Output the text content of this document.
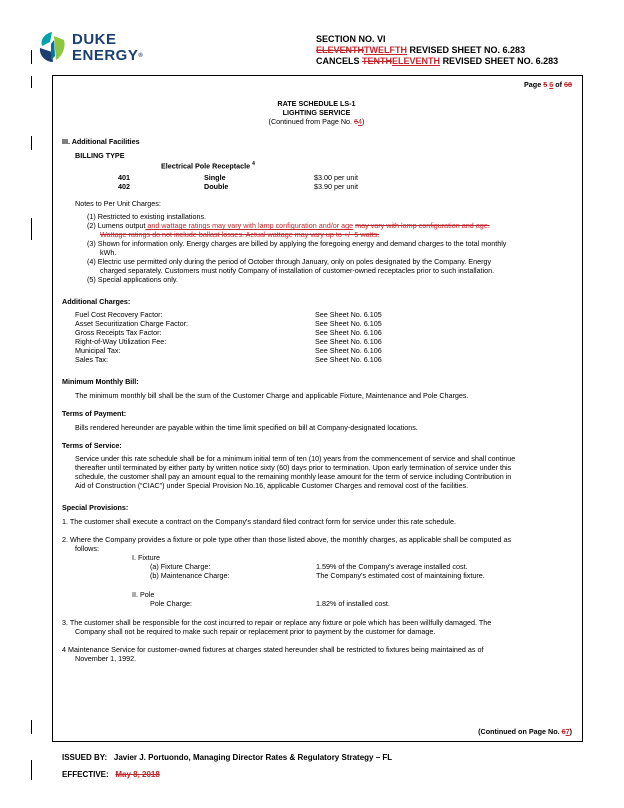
DUKE
ENERGY®
SECTION NO. VI
ELEVENTHTWELFTH REVISED SHEET NO. 6.283
CANCELS TENTHELEVENTH REVISED SHEET NO. 6.283
Page 5 6 of 68
RATE SCHEDULE LS-1
LIGHTING SERVICE
(Continued from Page No. 64)
III. Additional Facilities
BILLING TYPE
Electrical Pole Receptacle $^4$
401	Single	$3.00 per unit
402	Double	$3.90 per unit

Notes to Per Unit Charges:

(1) Restricted to existing installations.

(2) Lumens output and wattage ratings may vary with lamp configuration and/or age may vary with lamp configuration and age.

Wattage ratings do not include ballast losses. Actual wattage may vary up to +/- 5 watts.

(3) Shown for information only. Energy charges are billed by applying the foregoing energy and demand charges to the total monthly

kWh.

(4) Electric use permitted only during the period of October through January, only on poles designated by the Company. Energy

charged separately. Customers must notify Company of installation of customer-owned receptacles prior to such installation.

(5) Special applications only.

Additional Charges:
Fuel Cost Recovery Factor:	See Sheet No. 6.105
Asset Securitization Charge Factor:	See Sheet No. 6.105
Gross Receipts Tax Factor:	See Sheet No. 6.106
Right-of-Way Utilization Fee:	See Sheet No. 6.106
Municipal Tax:	See Sheet No. 6.106
Sales Tax:	See Sheet No. 6.106
Minimum Monthly Bill:
The minimum monthly bill shall be the sum of the Customer Charge and applicable Fixture, Maintenance and Pole Charges.
Terms of Payment:
Bills rendered hereunder are payable within the time limit specified on bill at Company-designated locations.
Terms of Service:

Service under this rate schedule shall be for a minimum initial term of ten (10) years from the commencement of service and shall continue

thereafter until terminated by either party by written notice sixty (60) days prior to termination. Upon early termination of service under this

schedule, the customer shall pay an amount equal to the remaining monthly lease amount for the term of service including Contribution in

Aid of Construction (“CIAC”) under Special Provision No.16, applicable Customer Charges and removal cost of the facilities.

Special Provisions:
1. The customer shall execute a contract on the Company's standard filed contract form for service under this rate schedule.

2. Where the Company provides a fixture or pole type other than those listed above, the monthly charges, as applicable shall be computed as

follows:

I. Fixture
(a) Fixture Charge:	1.59% of the Company's average installed cost.
(b) Maintenance Charge:	The Company's estimated cost of maintaining fixture.
II. Pole
Pole Charge:	1.82% of installed cost.

3. The customer shall be responsible for the cost incurred to repair or replace any fixture or pole which has been willfully damaged. The

Company shall not be required to make such repair or replacement prior to payment by the customer for damage.

4 Maintenance Service for customer-owned fixtures at charges stated hereunder shall be restricted to fixtures being maintained as of

November 1, 1992.

(Continued on Page No. 67)
ISSUED BY: Javier J. Portuondo, Managing Director Rates & Regulatory Strategy – FL
EFFECTIVE: May 8, 2018
